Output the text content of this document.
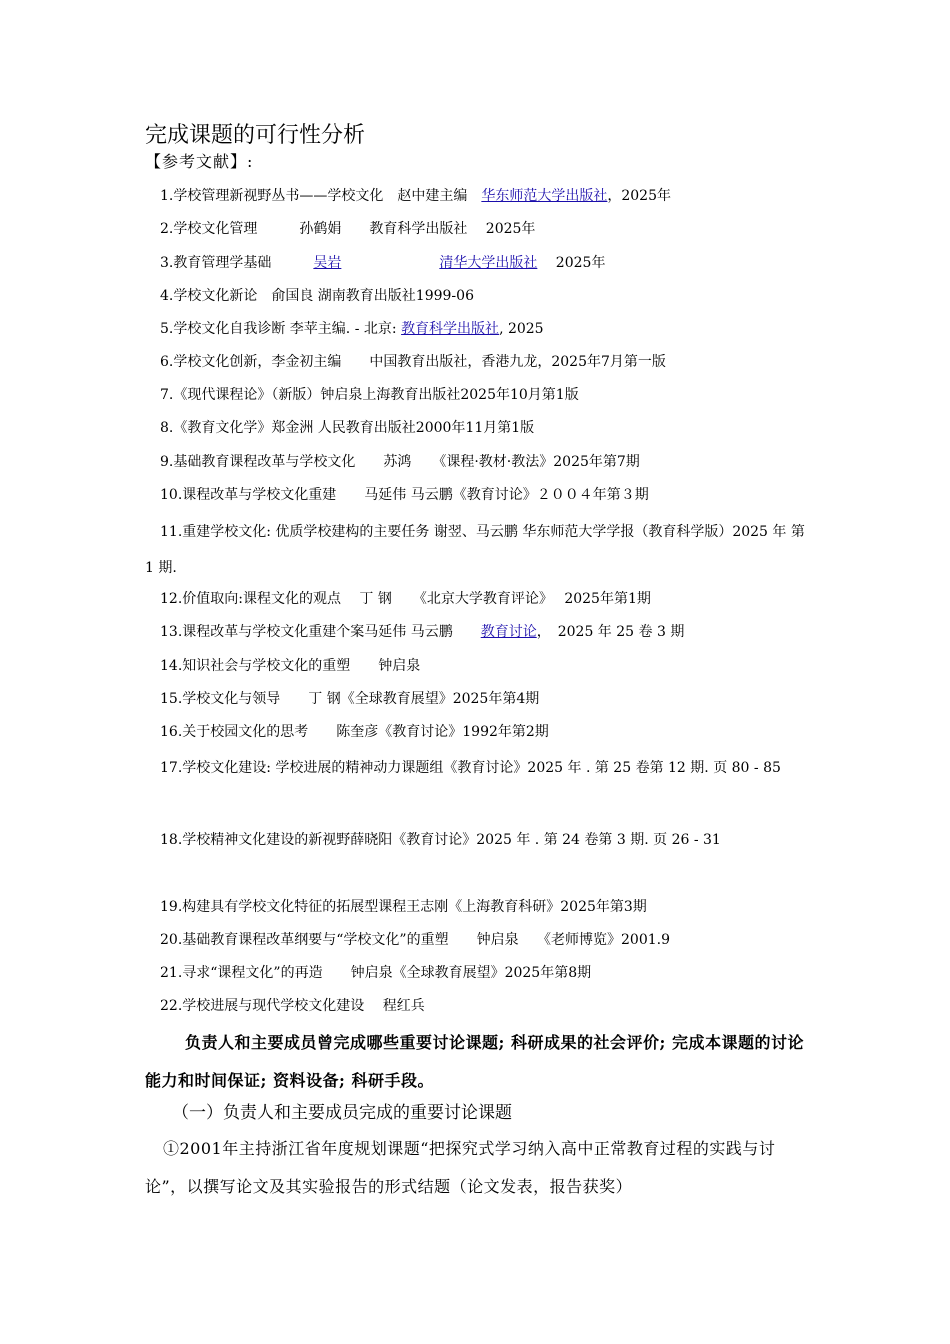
完成课题的可行性分析
【参考文献】:
1.学校管理新视野丛书——学校文化　赵中建主编　华东师范大学出版社，2025年
2.学校文化管理　　　孙鹤娟　　教育科学出版社　 2025年
3.教育管理学基础　　　吴岩　　　　　　　	清华大学出版社　 2025年
4.学校文化新论　俞国良 湖南教育出版社1999-06
5.学校文化自我诊断 李苹主编. - 北京: 教育科学出版社, 2025
6.学校文化创新，李金初主编　　中国教育出版社，香港九龙，2025年7月第一版
7.《现代课程论》（新版）钟启泉上海教育出版社2025年10月第1版
8.《教育文化学》郑金洲 人民教育出版社2000年11月第1版
9.基础教育课程改革与学校文化　　苏鸿　　《课程·教材·教法》2025年第7期
10.课程改革与学校文化重建　　马延伟 马云鹏《教育讨论》２００４年第３期
11.重建学校文化: 优质学校建构的主要任务 谢翌、马云鹏 华东师范大学学报（教育科学版）2025 年 第 1 期.
12.价值取向:课程文化的观点　 丁 钢　　《北京大学教育评论》　 2025年第1期
13.课程改革与学校文化重建个案马延伟 马云鹏　　教育讨论，　2025 年 25 卷 3 期
14.知识社会与学校文化的重塑　　钟启泉
15.学校文化与领导　　丁 钢《全球教育展望》2025年第4期
16.关于校园文化的思考　　陈奎彦《教育讨论》1992年第2期
17.学校文化建设: 学校进展的精神动力课题组《教育讨论》2025 年 . 第 25 卷第 12 期. 页 80 - 85
18.学校精神文化建设的新视野薛晓阳《教育讨论》2025 年 . 第 24 卷第 3 期. 页 26 - 31
19.构建具有学校文化特征的拓展型课程王志刚《上海教育科研》2025年第3期
20.基础教育课程改革纲要与“学校文化”的重塑　　钟启泉　 《老师博览》2001.9
21.寻求“课程文化”的再造　　钟启泉《全球教育展望》2025年第8期
22.学校进展与现代学校文化建设　 程红兵
负责人和主要成员曾完成哪些重要讨论课题; 科研成果的社会评价; 完成本课题的讨论能力和时间保证; 资料设备; 科研手段。
（一）负责人和主要成员完成的重要讨论课题
①2001年主持浙江省年度规划课题“把探究式学习纳入高中正常教育过程的实践与讨论”，以撰写论文及其实验报告的形式结题（论文发表，报告获奖）
